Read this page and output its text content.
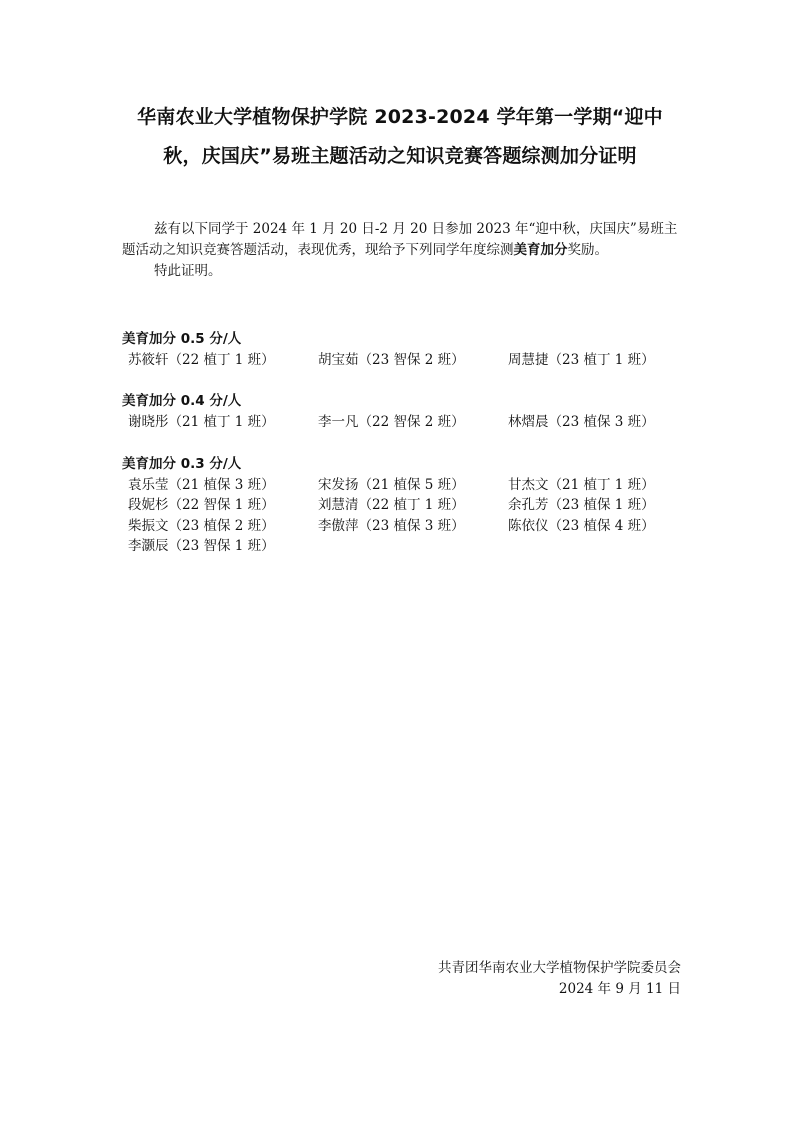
华南农业大学植物保护学院 2023-2024 学年第一学期“迎中秋，庆国庆”易班主题活动之知识竞赛答题综测加分证明

兹有以下同学于 2024 年 1 月 20 日-2 月 20 日参加 2023 年“迎中秋，庆国庆”易班主题活动之知识竞赛答题活动，表现优秀，现给予下列同学年度综测美育加分奖励。

特此证明。

美育加分 0.5 分/人
苏筱轩（22 植丁 1 班）	胡宝茹（23 智保 2 班）	周慧捷（23 植丁 1 班）
美育加分 0.4 分/人
谢晓彤（21 植丁 1 班）	李一凡（22 智保 2 班）	林熠晨（23 植保 3 班）
美育加分 0.3 分/人
袁乐莹（21 植保 3 班）	宋发扬（21 植保 5 班）	甘杰文（21 植丁 1 班）
段妮杉（22 智保 1 班）	刘慧清（22 植丁 1 班）	余孔芳（23 植保 1 班）
柴振文（23 植保 2 班）	李傲萍（23 植保 3 班）	陈依仪（23 植保 4 班）
李灏辰（23 智保 1 班）
共青团华南农业大学植物保护学院委员会
2024 年 9 月 11 日
